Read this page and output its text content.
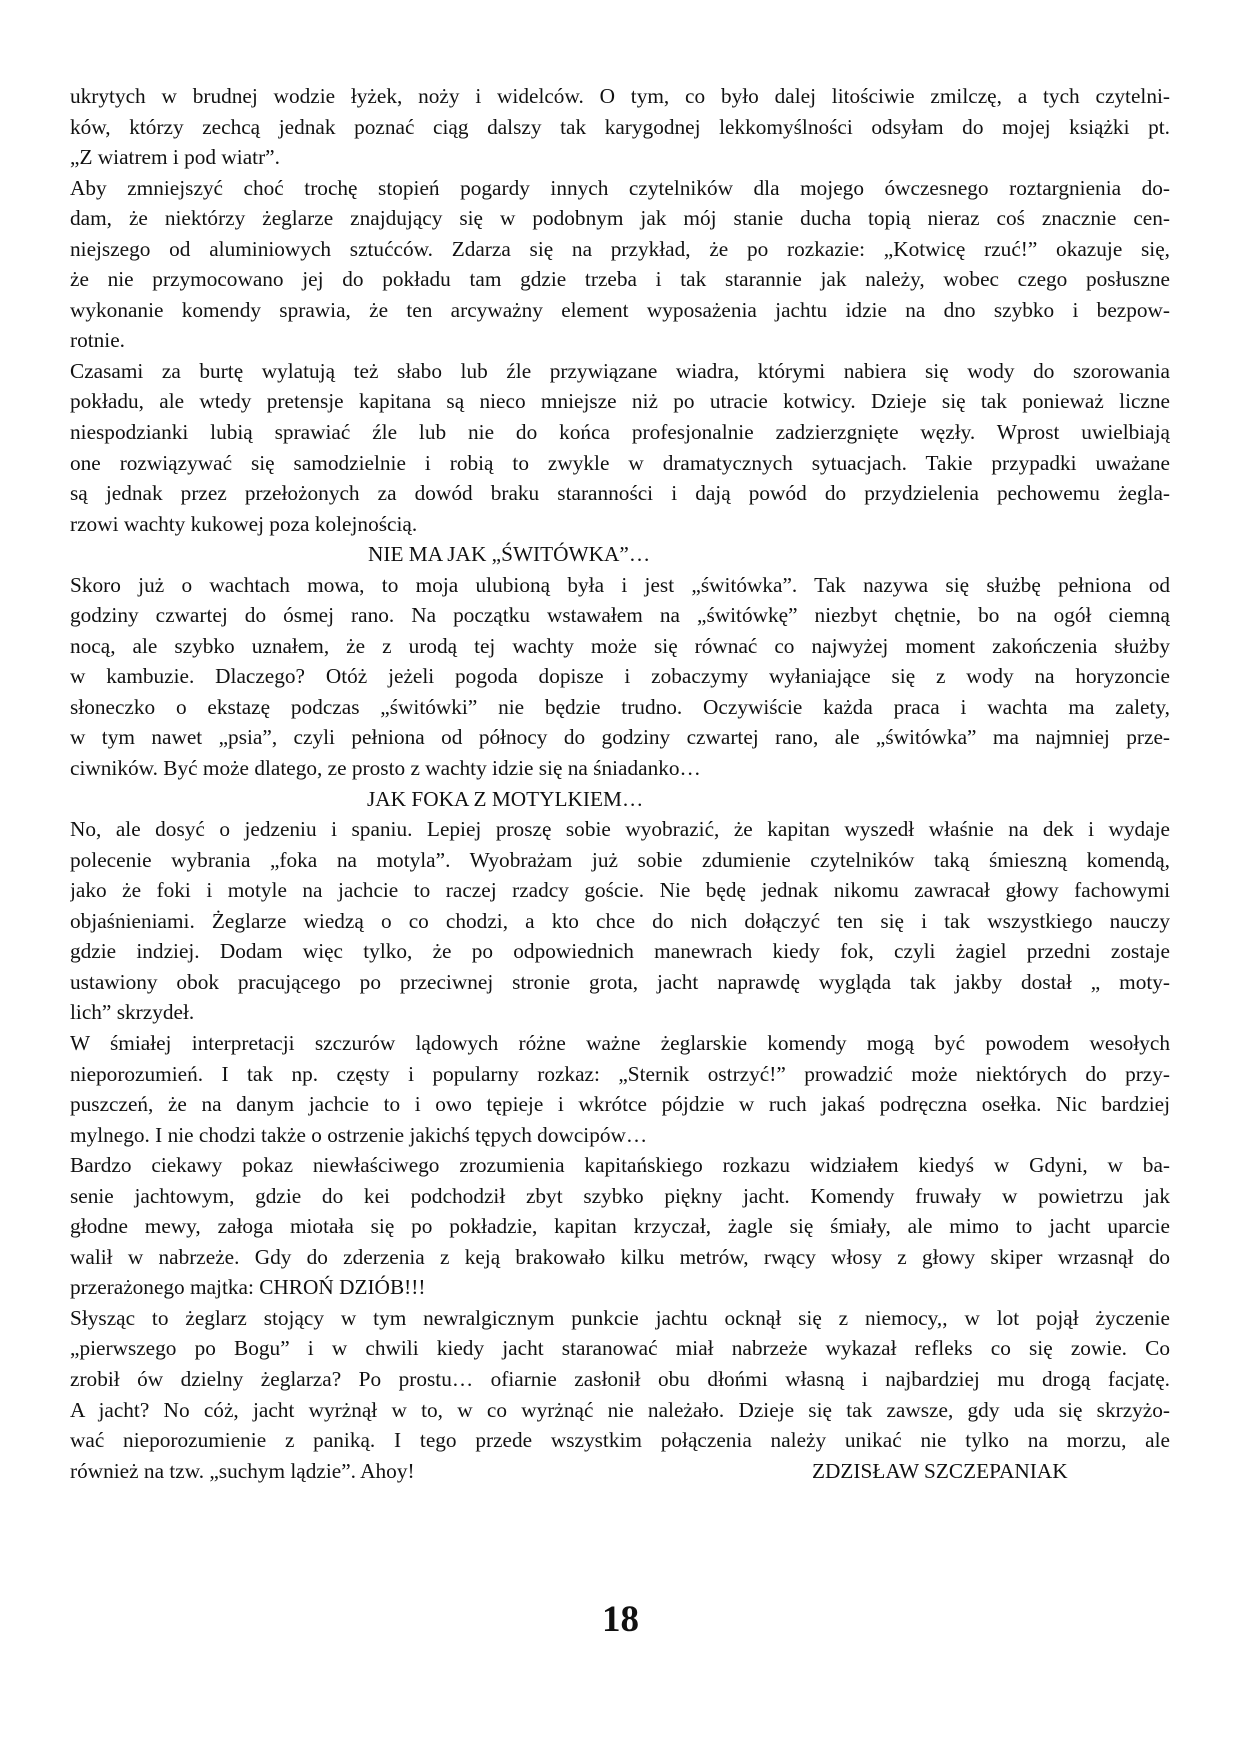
ukrytych w brudnej wodzie łyżek, noży i widelców. O tym, co było dalej litościwie zmilczę, a tych czytelni-
ków, którzy zechcą jednak poznać ciąg dalszy tak karygodnej lekkomyślności odsyłam do mojej książki pt.
„Z wiatrem i pod wiatr”.
Aby zmniejszyć choć trochę stopień pogardy innych czytelników dla mojego ówczesnego roztargnienia do-
dam, że niektórzy żeglarze znajdujący się w podobnym jak mój stanie ducha topią nieraz coś znacznie cen-
niejszego od aluminiowych sztućców. Zdarza się na przykład, że po rozkazie: „Kotwicę rzuć!” okazuje się,
że nie przymocowano jej do pokładu tam gdzie trzeba i tak starannie jak należy, wobec czego posłuszne
wykonanie komendy sprawia, że ten arcyważny element wyposażenia jachtu idzie na dno szybko i bezpow-
rotnie.
Czasami za burtę wylatują też słabo lub źle przywiązane wiadra, którymi nabiera się wody do szorowania
pokładu, ale wtedy pretensje kapitana są nieco mniejsze niż po utracie kotwicy. Dzieje się tak ponieważ liczne
niespodzianki lubią sprawiać źle lub nie do końca profesjonalnie zadzierzgnięte węzły. Wprost uwielbiają
one rozwiązywać się samodzielnie i robią to zwykle w dramatycznych sytuacjach. Takie przypadki uważane
są jednak przez przełożonych za dowód braku staranności i dają powód do przydzielenia pechowemu żegla-
rzowi wachty kukowej poza kolejnością.
NIE MA JAK „ŚWITÓWKA”…
Skoro już o wachtach mowa, to moja ulubioną była i jest „świtówka”. Tak nazywa się służbę pełniona od
godziny czwartej do ósmej rano. Na początku wstawałem na „świtówkę” niezbyt chętnie, bo na ogół ciemną
nocą, ale szybko uznałem, że z urodą tej wachty może się równać co najwyżej moment zakończenia służby
w kambuzie. Dlaczego? Otóż jeżeli pogoda dopisze i zobaczymy wyłaniające się z wody na horyzoncie
słoneczko o ekstazę podczas „świtówki” nie będzie trudno. Oczywiście każda praca i wachta ma zalety,
w tym nawet „psia”, czyli pełniona od północy do godziny czwartej rano, ale „świtówka” ma najmniej prze-
ciwników. Być może dlatego, ze prosto z wachty idzie się na śniadanko…
JAK FOKA Z MOTYLKIEM…
No, ale dosyć o jedzeniu i spaniu. Lepiej proszę sobie wyobrazić, że kapitan wyszedł właśnie na dek i wydaje
polecenie wybrania „foka na motyla”. Wyobrażam już sobie zdumienie czytelników taką śmieszną komendą,
jako że foki i motyle na jachcie to raczej rzadcy goście. Nie będę jednak nikomu zawracał głowy fachowymi
objaśnieniami. Żeglarze wiedzą o co chodzi, a kto chce do nich dołączyć ten się i tak wszystkiego nauczy
gdzie indziej. Dodam więc tylko, że po odpowiednich manewrach kiedy fok, czyli żagiel przedni zostaje
ustawiony obok pracującego po przeciwnej stronie grota, jacht naprawdę wygląda tak jakby dostał „ moty-
lich” skrzydeł.
W śmiałej interpretacji szczurów lądowych różne ważne żeglarskie komendy mogą być powodem wesołych
nieporozumień. I tak np. częsty i popularny rozkaz: „Sternik ostrzyć!” prowadzić może niektórych do przy-
puszczeń, że na danym jachcie to i owo tępieje i wkrótce pójdzie w ruch jakaś podręczna osełka. Nic bardziej
mylnego. I nie chodzi także o ostrzenie jakichś tępych dowcipów…
Bardzo ciekawy pokaz niewłaściwego zrozumienia kapitańskiego rozkazu widziałem kiedyś w Gdyni, w ba-
senie jachtowym, gdzie do kei podchodził zbyt szybko piękny jacht. Komendy fruwały w powietrzu jak
głodne mewy, załoga miotała się po pokładzie, kapitan krzyczał, żagle się śmiały, ale mimo to jacht uparcie
walił w nabrzeże. Gdy do zderzenia z keją brakowało kilku metrów, rwący włosy z głowy skiper wrzasnął do
przerażonego majtka: CHROŃ DZIÓB!!!
Słysząc to żeglarz stojący w tym newralgicznym punkcie jachtu ocknął się z niemocy,, w lot pojął życzenie
„pierwszego po Bogu” i w chwili kiedy jacht staranować miał nabrzeże wykazał refleks co się zowie. Co
zrobił ów dzielny żeglarza? Po prostu… ofiarnie zasłonił obu dłońmi własną i najbardziej mu drogą facjatę.
A jacht? No cóż, jacht wyrżnął w to, w co wyrżnąć nie należało. Dzieje się tak zawsze, gdy uda się skrzyżo-
wać nieporozumienie z paniką. I tego przede wszystkim połączenia należy unikać nie tylko na morzu, ale
również na tzw. „suchym lądzie”. Ahoy!	ZDZISŁAW SZCZEPANIAK
18
